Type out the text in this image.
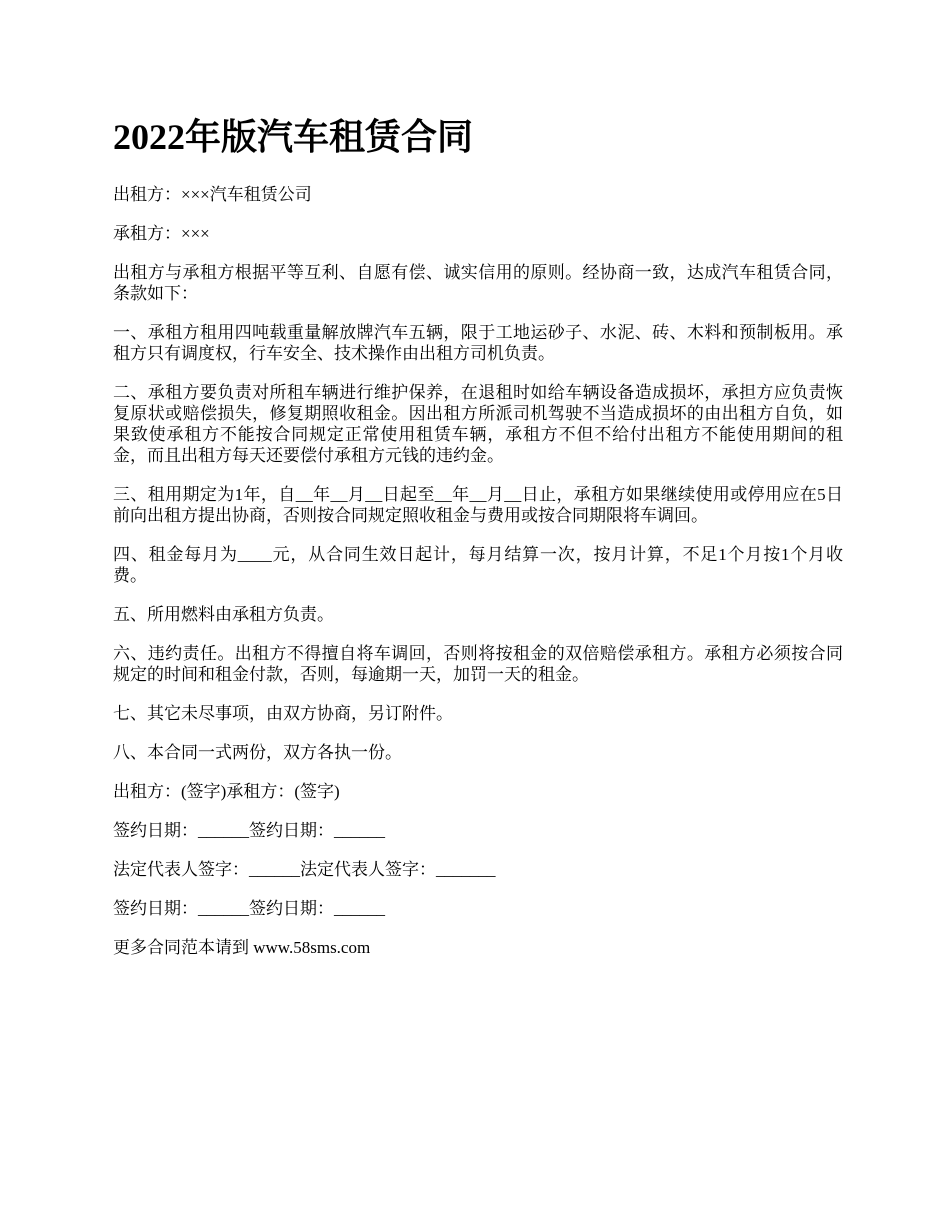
2022年版汽车租赁合同

出租方：×××汽车租赁公司

承租方：×××

出租方与承租方根据平等互利、自愿有偿、诚实信用的原则。经协商一致，达成汽车租赁合同，条款如下：

一、承租方租用四吨载重量解放牌汽车五辆，限于工地运砂子、水泥、砖、木料和预制板用。承租方只有调度权，行车安全、技术操作由出租方司机负责。

二、承租方要负责对所租车辆进行维护保养，在退租时如给车辆设备造成损坏，承担方应负责恢复原状或赔偿损失，修复期照收租金。因出租方所派司机驾驶不当造成损坏的由出租方自负，如果致使承租方不能按合同规定正常使用租赁车辆，承租方不但不给付出租方不能使用期间的租金，而且出租方每天还要偿付承租方元钱的违约金。

三、租用期定为1年，自__年__月__日起至__年__月__日止，承租方如果继续使用或停用应在5日前向出租方提出协商，否则按合同规定照收租金与费用或按合同期限将车调回。

四、租金每月为____元，从合同生效日起计，每月结算一次，按月计算，不足1个月按1个月收费。

五、所用燃料由承租方负责。

六、违约责任。出租方不得擅自将车调回，否则将按租金的双倍赔偿承租方。承租方必须按合同规定的时间和租金付款，否则，每逾期一天，加罚一天的租金。

七、其它未尽事项，由双方协商，另订附件。

八、本合同一式两份，双方各执一份。

出租方：(签字)承租方：(签字)

签约日期：______签约日期：______

法定代表人签字：______法定代表人签字：_______

签约日期：______签约日期：______

更多合同范本请到 www.58sms.com
